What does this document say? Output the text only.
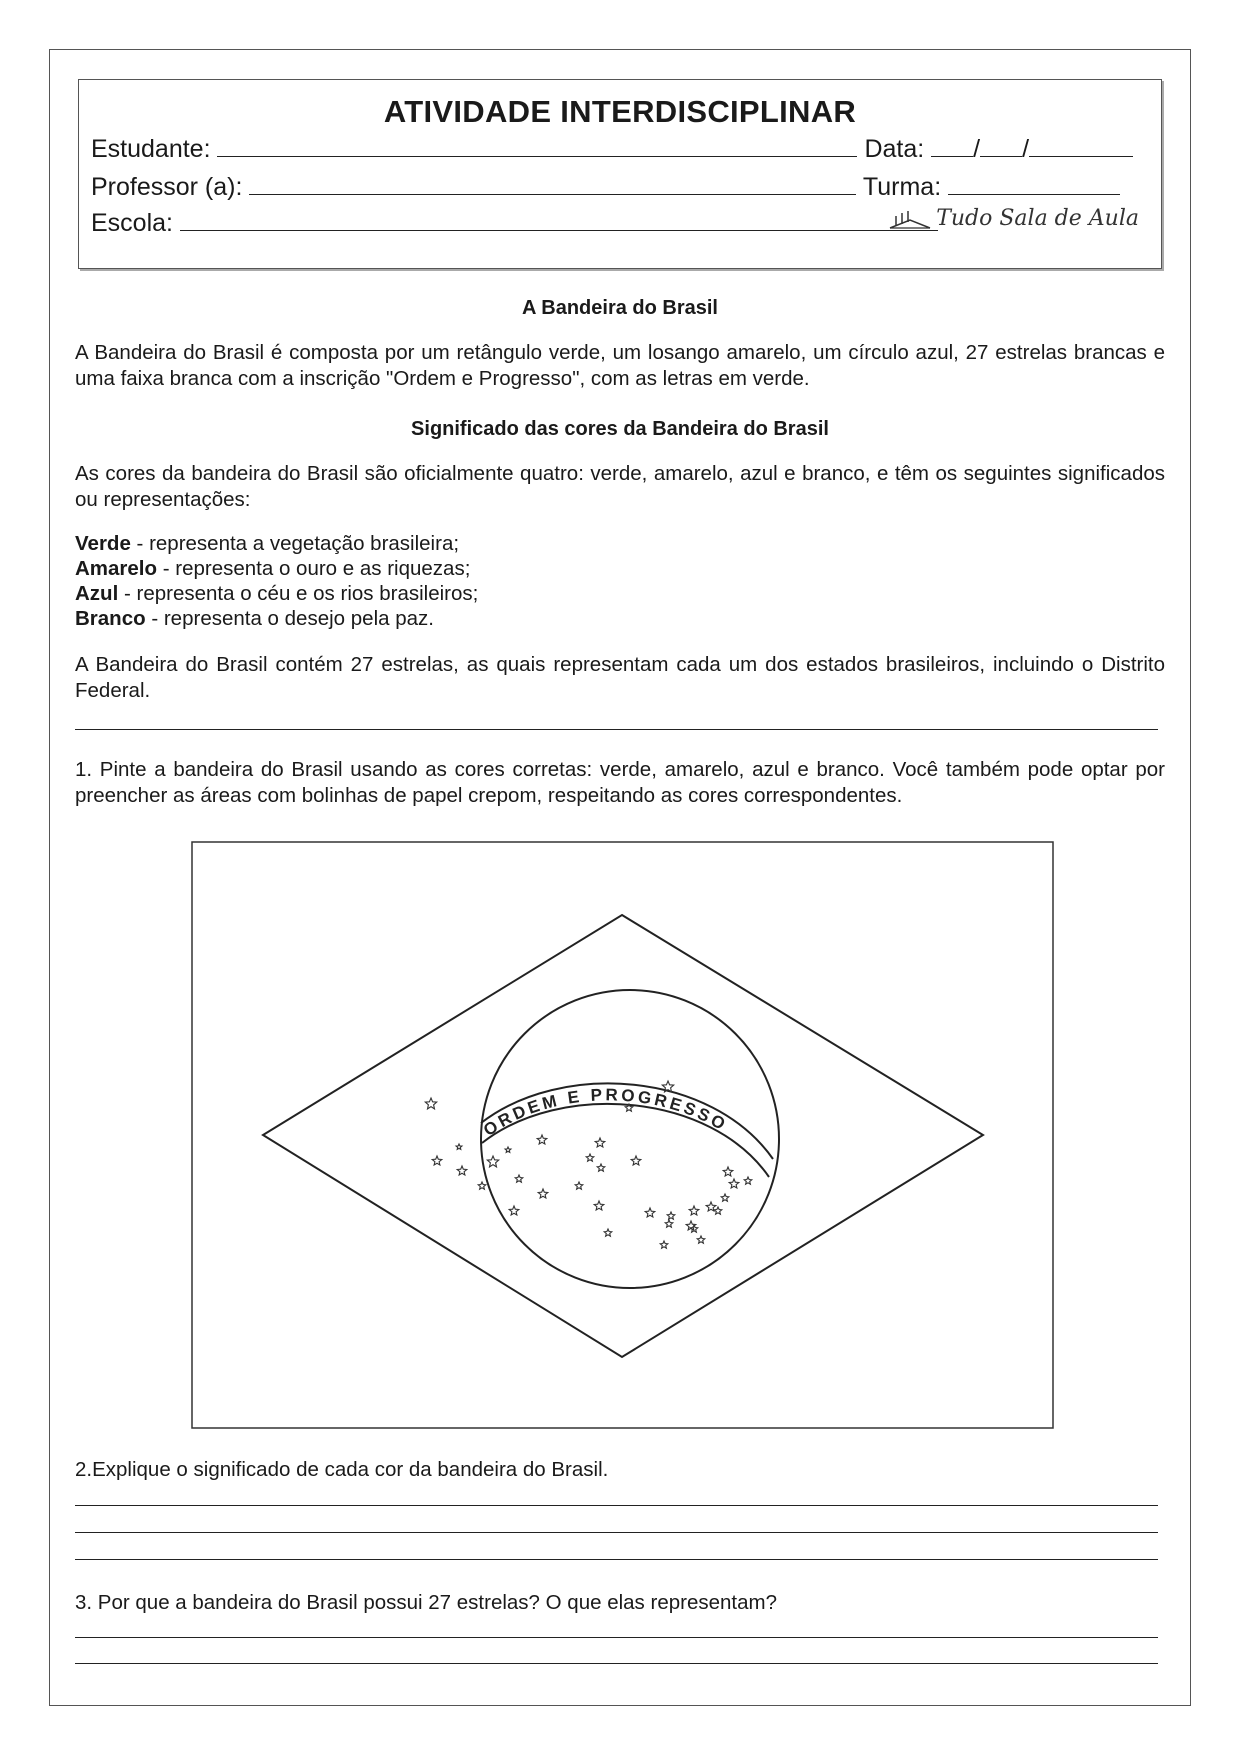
ATIVIDADE INTERDISCIPLINAR
Estudante:	Data: / /
Professor (a):	Turma:
Escola:	Tudo Sala de Aula
A Bandeira do Brasil
A Bandeira do Brasil é composta por um retângulo verde, um losango amarelo, um círculo azul, 27 estrelas brancas e uma faixa branca com a inscrição "Ordem e Progresso", com as letras em verde.
Significado das cores da Bandeira do Brasil
As cores da bandeira do Brasil são oficialmente quatro: verde, amarelo, azul e branco, e têm os seguintes significados ou representações:
Verde - representa a vegetação brasileira;
Amarelo - representa o ouro e as riquezas;
Azul - representa o céu e os rios brasileiros;
Branco - representa o desejo pela paz.
A Bandeira do Brasil contém 27 estrelas, as quais representam cada um dos estados brasileiros, incluindo o Distrito Federal.
1. Pinte a bandeira do Brasil usando as cores corretas: verde, amarelo, azul e branco. Você também pode optar por preencher as áreas com bolinhas de papel crepom, respeitando as cores correspondentes.
ORDEM E PROGRESSO
2.Explique o significado de cada cor da bandeira do Brasil.
3. Por que a bandeira do Brasil possui 27 estrelas? O que elas representam?
